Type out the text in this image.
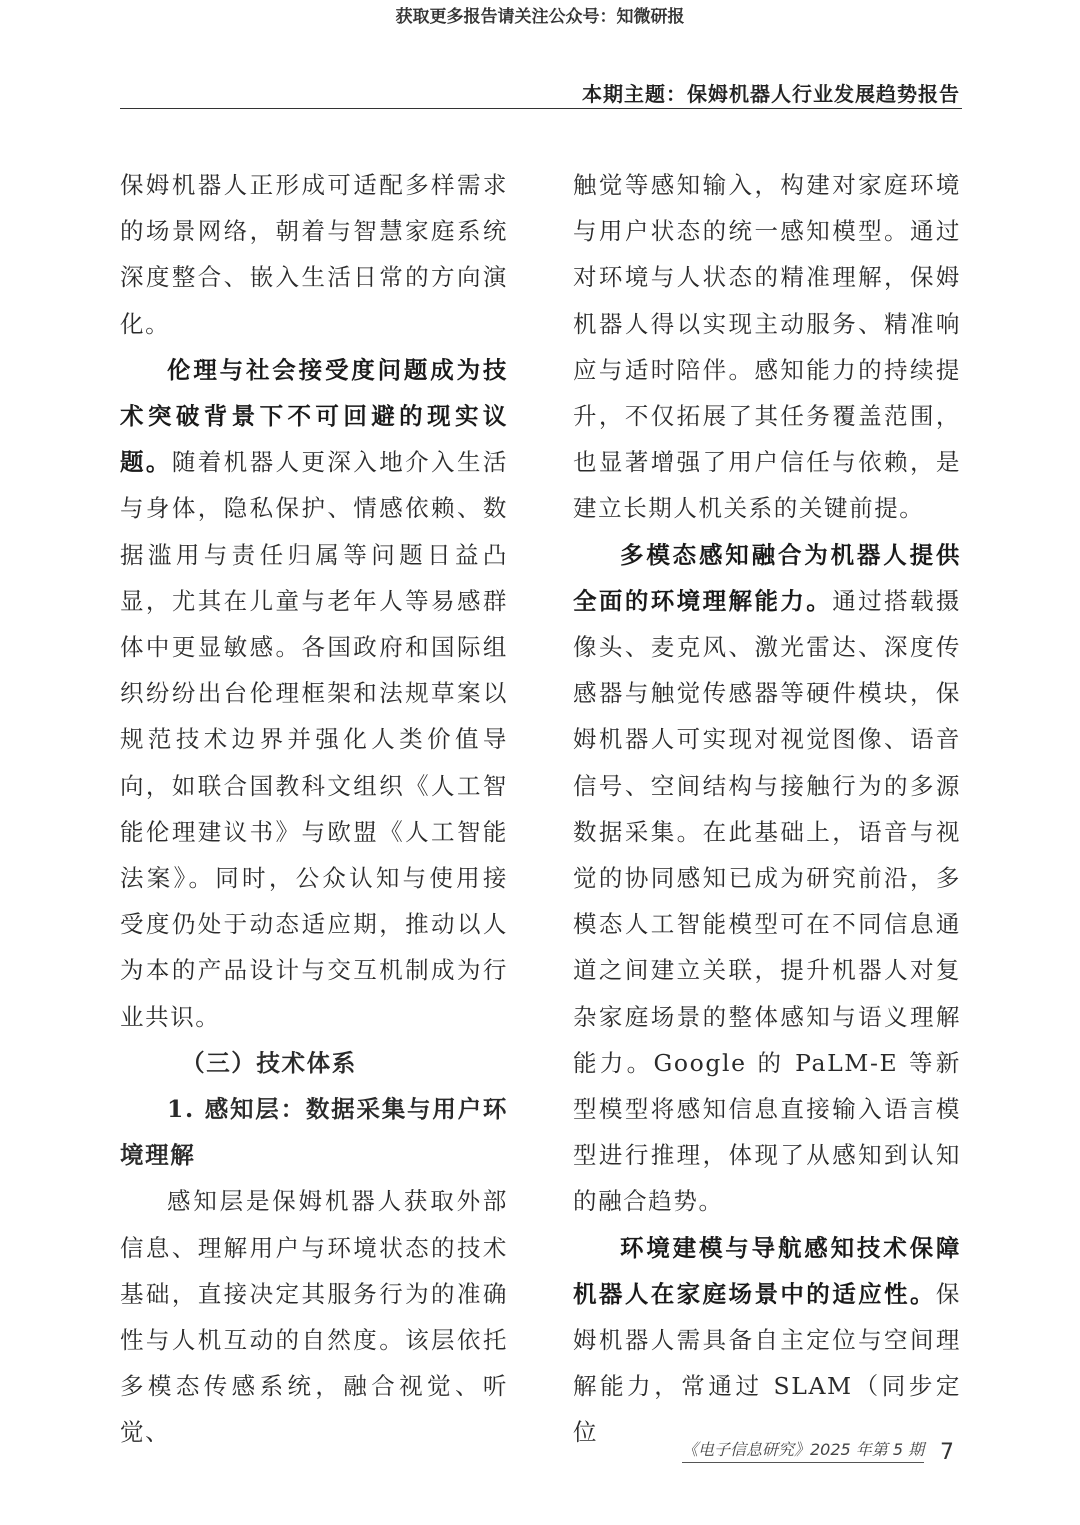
获取更多报告请关注公众号：知微研报
本期主题：保姆机器人行业发展趋势报告

保姆机器人正形成可适配多样需求的场景网络，朝着与智慧家庭系统深度整合、嵌入生活日常的方向演化。

伦理与社会接受度问题成为技术突破背景下不可回避的现实议题。随着机器人更深入地介入生活与身体，隐私保护、情感依赖、数据滥用与责任归属等问题日益凸显，尤其在儿童与老年人等易感群体中更显敏感。各国政府和国际组织纷纷出台伦理框架和法规草案以规范技术边界并强化人类价值导向，如联合国教科文组织《人工智能伦理建议书》与欧盟《人工智能法案》。同时，公众认知与使用接受度仍处于动态适应期，推动以人为本的产品设计与交互机制成为行业共识。

（三）技术体系

1. 感知层：数据采集与用户环境理解

感知层是保姆机器人获取外部信息、理解用户与环境状态的技术基础，直接决定其服务行为的准确性与人机互动的自然度。该层依托多模态传感系统，融合视觉、听觉、

触觉等感知输入，构建对家庭环境与用户状态的统一感知模型。通过对环境与人状态的精准理解，保姆机器人得以实现主动服务、精准响应与适时陪伴。感知能力的持续提升，不仅拓展了其任务覆盖范围，也显著增强了用户信任与依赖，是建立长期人机关系的关键前提。

多模态感知融合为机器人提供全面的环境理解能力。通过搭载摄像头、麦克风、激光雷达、深度传感器与触觉传感器等硬件模块，保姆机器人可实现对视觉图像、语音信号、空间结构与接触行为的多源数据采集。在此基础上，语音与视觉的协同感知已成为研究前沿，多模态人工智能模型可在不同信息通道之间建立关联，提升机器人对复杂家庭场景的整体感知与语义理解能力。Google 的 PaLM-E 等新型模型将感知信息直接输入语言模型进行推理，体现了从感知到认知的融合趋势。

环境建模与导航感知技术保障机器人在家庭场景中的适应性。保姆机器人需具备自主定位与空间理解能力，常通过 SLAM（同步定位

《电子信息研究》2025 年第 5 期 7
